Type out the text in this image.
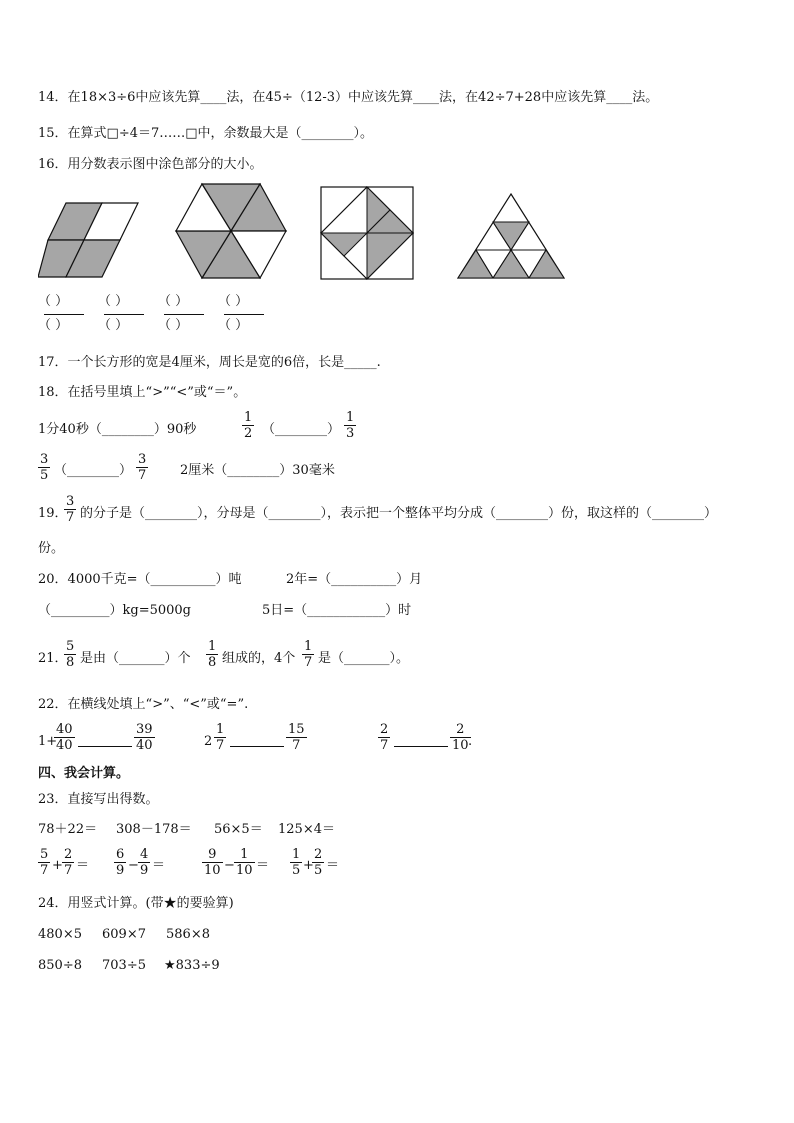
14．在18×3÷6中应该先算____法，在45÷（12-3）中应该先算____法，在42÷7+28中应该先算____法。
15．在算式□÷4＝7……□中，余数最大是（________）。
16．用分数表示图中涂色部分的大小。
（ ）
（ ）
（ ）
（ ）
（ ）
（ ）
（ ）
（ ）
17．一个长方形的宽是4厘米，周长是宽的6倍，长是_____.
18．在括号里填上“>”“<”或“＝”。
1分40秒（________）90秒
1
2 （________）
1
3
3
5 （________）
3
7	2厘米（________）30毫米
19．
3
7 的分子是（________），分母是（________），表示把一个整体平均分成（________）份，取这样的（________）
份。
20．4000千克=（__________）吨	2年=（__________）月
（_________）kg=5000g	5日=（____________）时
21．
5
8 是由（_______）个
1
8 组成的，4个
1
7 是（_______）。
22．在横线处填上“>”、“<”或“=”.
1+
40
40
39
40	2
1
7
15
7
2
7
2
10 .
四、我会计算。
23．直接写出得数。
78＋22＝ 308－178＝ 56×5＝ 125×4＝
5
7 +
2
7 ＝
6
9 −
4
9 ＝
9
10 −
1
10 ＝
1
5 +
2
5 ＝
24．用竖式计算。(带★的要验算)
480×5 609×7 586×8
850÷8 703÷5 ★833÷9
